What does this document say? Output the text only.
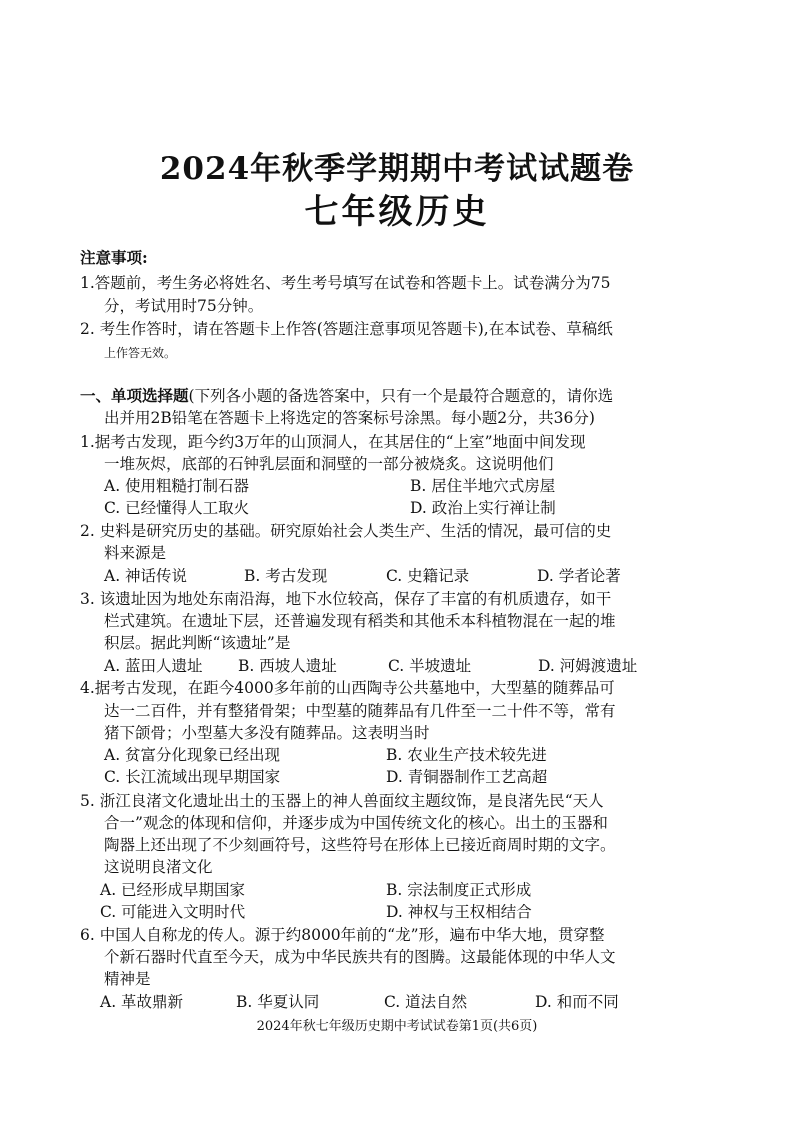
2024年秋季学期期中考试试题卷
七年级历史
注意事项:
1.答题前，考生务必将姓名、考生考号填写在试卷和答题卡上。试卷满分为75
分，考试用时75分钟。
2. 考生作答时，请在答题卡上作答(答题注意事项见答题卡),在本试卷、草稿纸
上作答无效。
一、单项选择题(下列各小题的备选答案中，只有一个是最符合题意的，请你选
出并用2B铅笔在答题卡上将选定的答案标号涂黑。每小题2分，共36分)
1.据考古发现，距今约3万年的山顶洞人，在其居住的“上室”地面中间发现
一堆灰烬，底部的石钟乳层面和洞壁的一部分被烧炙。这说明他们
A. 使用粗糙打制石器	B. 居住半地穴式房屋
C. 已经懂得人工取火	D. 政治上实行禅让制
2. 史料是研究历史的基础。研究原始社会人类生产、生活的情况，最可信的史
料来源是
A. 神话传说	B. 考古发现	C. 史籍记录	D. 学者论著
3. 该遗址因为地处东南沿海，地下水位较高，保存了丰富的有机质遗存，如干
栏式建筑。在遗址下层，还普遍发现有稻类和其他禾本科植物混在一起的堆
积层。据此判断“该遗址”是
A. 蓝田人遗址 B. 西坡人遗址	C. 半坡遗址	D. 河姆渡遗址
4.据考古发现，在距今4000多年前的山西陶寺公共墓地中，大型墓的随葬品可
达一二百件，并有整猪骨架；中型墓的随葬品有几件至一二十件不等，常有
猪下颌骨；小型墓大多没有随葬品。这表明当时
A. 贫富分化现象已经出现	B. 农业生产技术较先进
C. 长江流域出现早期国家	D. 青铜器制作工艺高超
5. 浙江良渚文化遗址出土的玉器上的神人兽面纹主题纹饰，是良渚先民“天人
合一”观念的体现和信仰，并逐步成为中国传统文化的核心。出土的玉器和
陶器上还出现了不少刻画符号，这些符号在形体上已接近商周时期的文字。
这说明良渚文化
A. 已经形成早期国家	B. 宗法制度正式形成
C. 可能进入文明时代	D. 神权与王权相结合
6. 中国人自称龙的传人。源于约8000年前的“龙”形，遍布中华大地，贯穿整
个新石器时代直至今天，成为中华民族共有的图腾。这最能体现的中华人文
精神是
A. 革故鼎新	B. 华夏认同	C. 道法自然	D. 和而不同
2024年秋七年级历史期中考试试卷第1页(共6页)
